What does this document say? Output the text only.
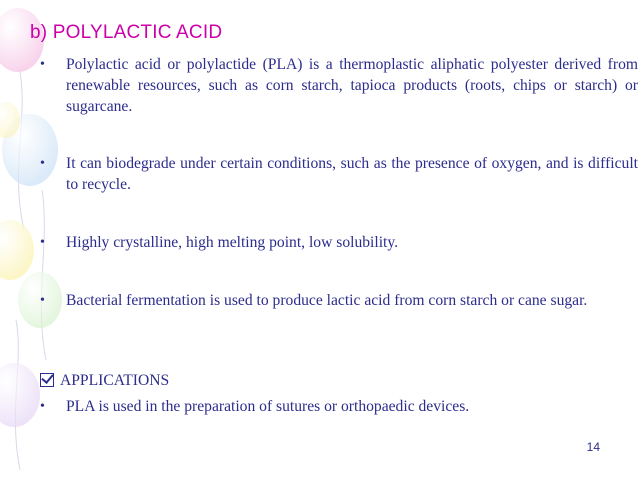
b) POLYLACTIC ACID
• Polylactic acid or polylactide (PLA) is a thermoplastic aliphatic polyester derived from renewable resources, such as corn starch, tapioca products (roots, chips or starch) or sugarcane.
• It can biodegrade under certain conditions, such as the presence of oxygen, and is difficult to recycle.
• Highly crystalline, high melting point, low solubility.
• Bacterial fermentation is used to produce lactic acid from corn starch or cane sugar.
APPLICATIONS
• PLA is used in the preparation of sutures or orthopaedic devices.
14
